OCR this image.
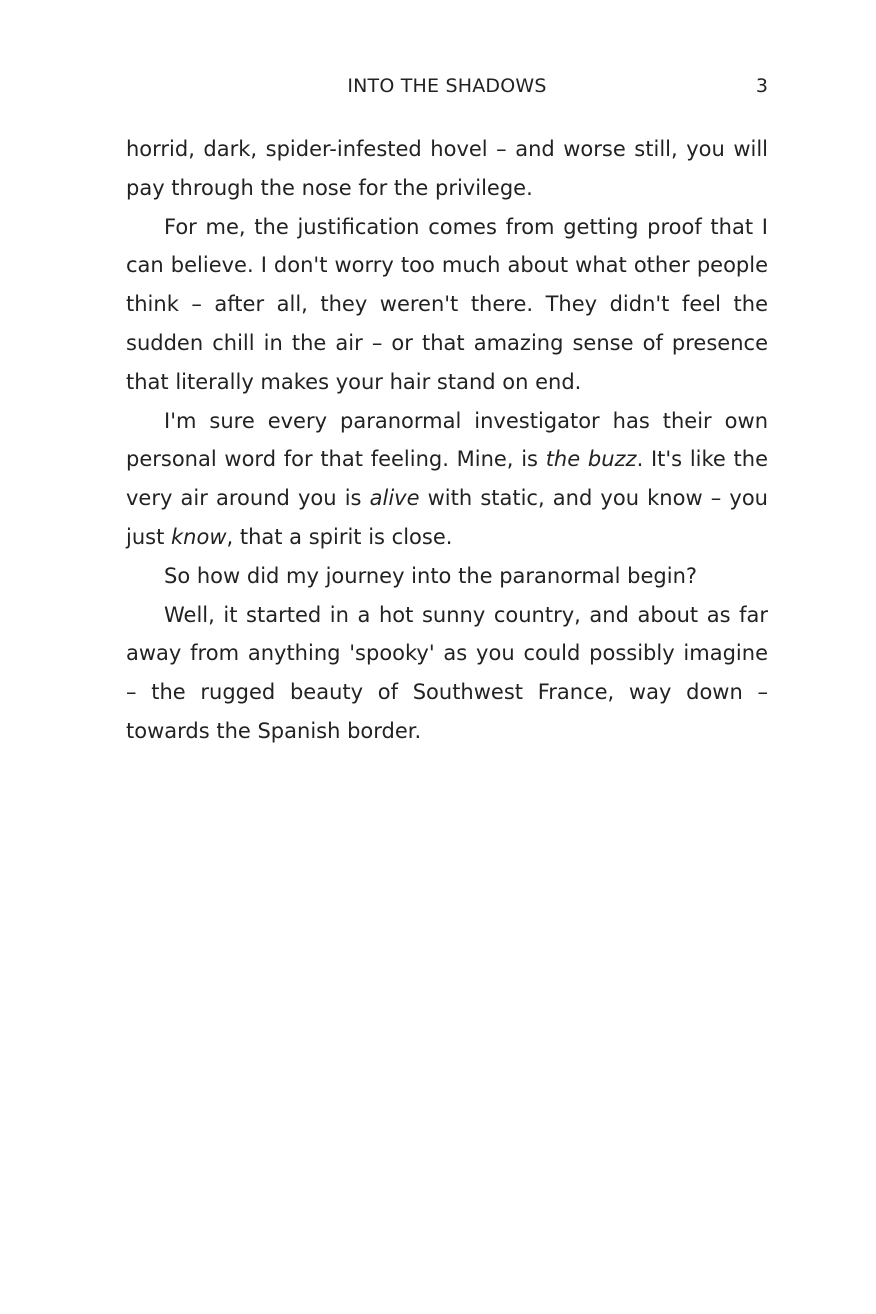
INTO THE SHADOWS	3

horrid, dark, spider-infested hovel – and worse still, you will pay through the nose for the privilege.

For me, the justification comes from getting proof that I can believe. I don't worry too much about what other people think – after all, they weren't there. They didn't feel the sudden chill in the air – or that amazing sense of presence that literally makes your hair stand on end.

I'm sure every paranormal investigator has their own personal word for that feeling. Mine, is the buzz. It's like the very air around you is alive with static, and you know – you just know, that a spirit is close.

So how did my journey into the paranormal begin?

Well, it started in a hot sunny country, and about as far away from anything 'spooky' as you could possibly imagine – the rugged beauty of Southwest France, way down – towards the Spanish border.
